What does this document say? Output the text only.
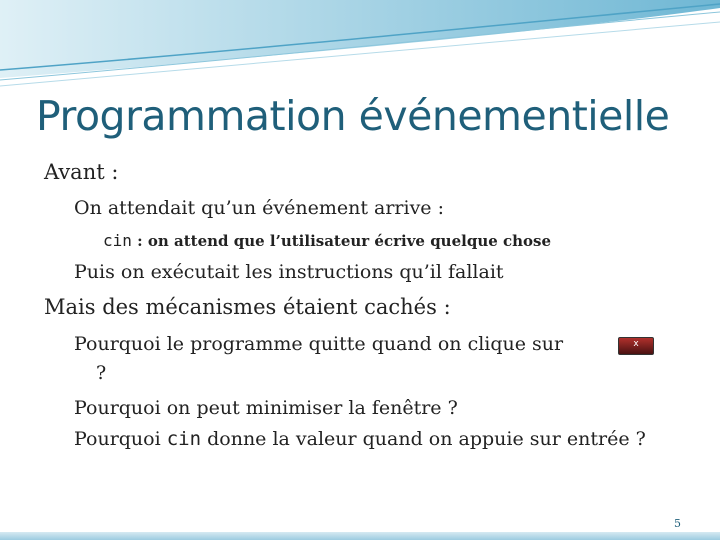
Programmation événementielle
Avant :
On attendait qu’un événement arrive :
cin : on attend que l’utilisateur écrive quelque chose
Puis on exécutait les instructions qu’il fallait
Mais des mécanismes étaient cachés :
Pourquoi le programme quitte quand on clique sur
?
x
Pourquoi on peut minimiser la fenêtre ?
Pourquoi cin donne la valeur quand on appuie sur entrée ?
5
